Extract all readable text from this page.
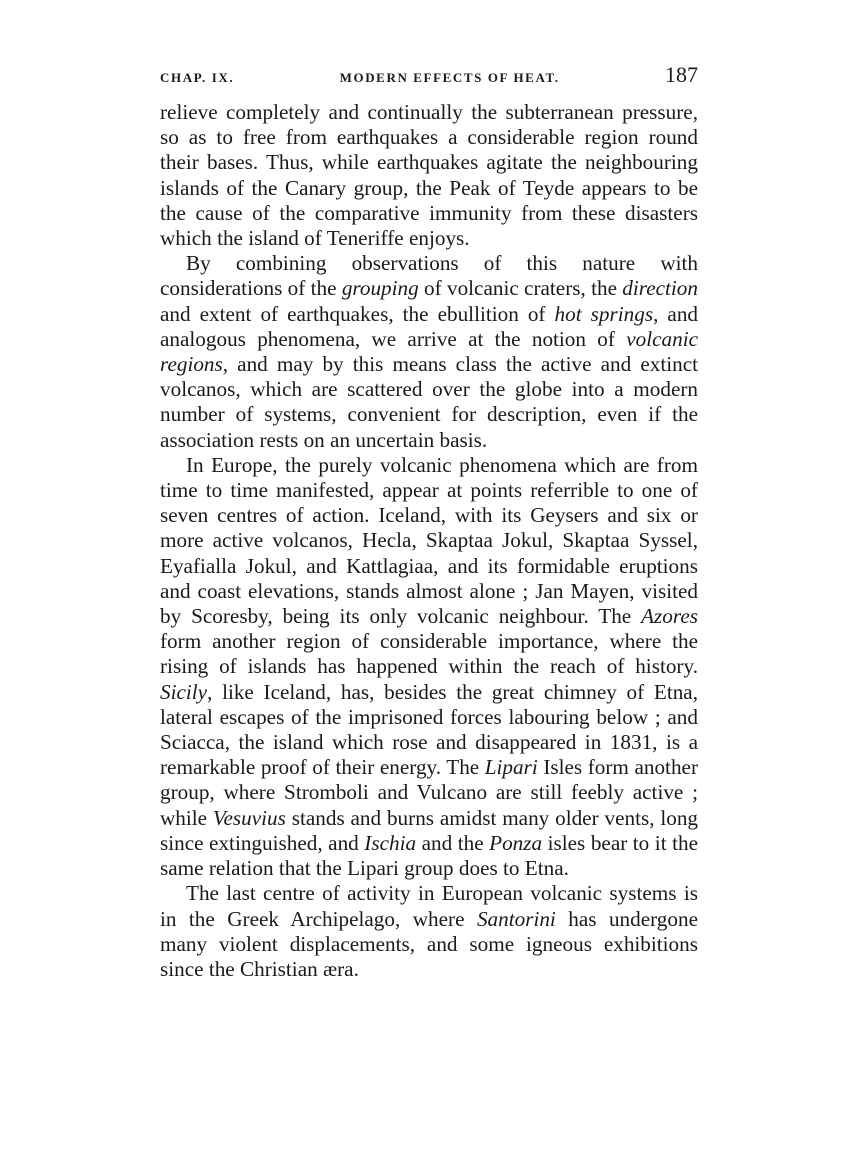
CHAP. IX.	MODERN EFFECTS OF HEAT.	187

relieve completely and continually the subterranean pressure, so as to free from earthquakes a considerable region round their bases. Thus, while earthquakes agitate the neighbouring islands of the Canary group, the Peak of Teyde appears to be the cause of the comparative immunity from these disasters which the island of Teneriffe enjoys.

By combining observations of this nature with considerations of the grouping of volcanic craters, the direction and extent of earthquakes, the ebullition of hot springs, and analogous phenomena, we arrive at the notion of volcanic regions, and may by this means class the active and extinct volcanos, which are scattered over the globe into a modern number of systems, convenient for description, even if the association rests on an uncertain basis.

In Europe, the purely volcanic phenomena which are from time to time manifested, appear at points referrible to one of seven centres of action. Iceland, with its Geysers and six or more active volcanos, Hecla, Skaptaa Jokul, Skaptaa Syssel, Eyafialla Jokul, and Kattlagiaa, and its formidable eruptions and coast elevations, stands almost alone ; Jan Mayen, visited by Scoresby, being its only volcanic neighbour. The Azores form another region of considerable importance, where the rising of islands has happened within the reach of history. Sicily, like Iceland, has, besides the great chimney of Etna, lateral escapes of the imprisoned forces labouring below ; and Sciacca, the island which rose and disappeared in 1831, is a remarkable proof of their energy. The Lipari Isles form another group, where Stromboli and Vulcano are still feebly active ; while Vesuvius stands and burns amidst many older vents, long since extinguished, and Ischia and the Ponza isles bear to it the same relation that the Lipari group does to Etna.

The last centre of activity in European volcanic systems is in the Greek Archipelago, where Santorini has undergone many violent displacements, and some igneous exhibitions since the Christian æra.
